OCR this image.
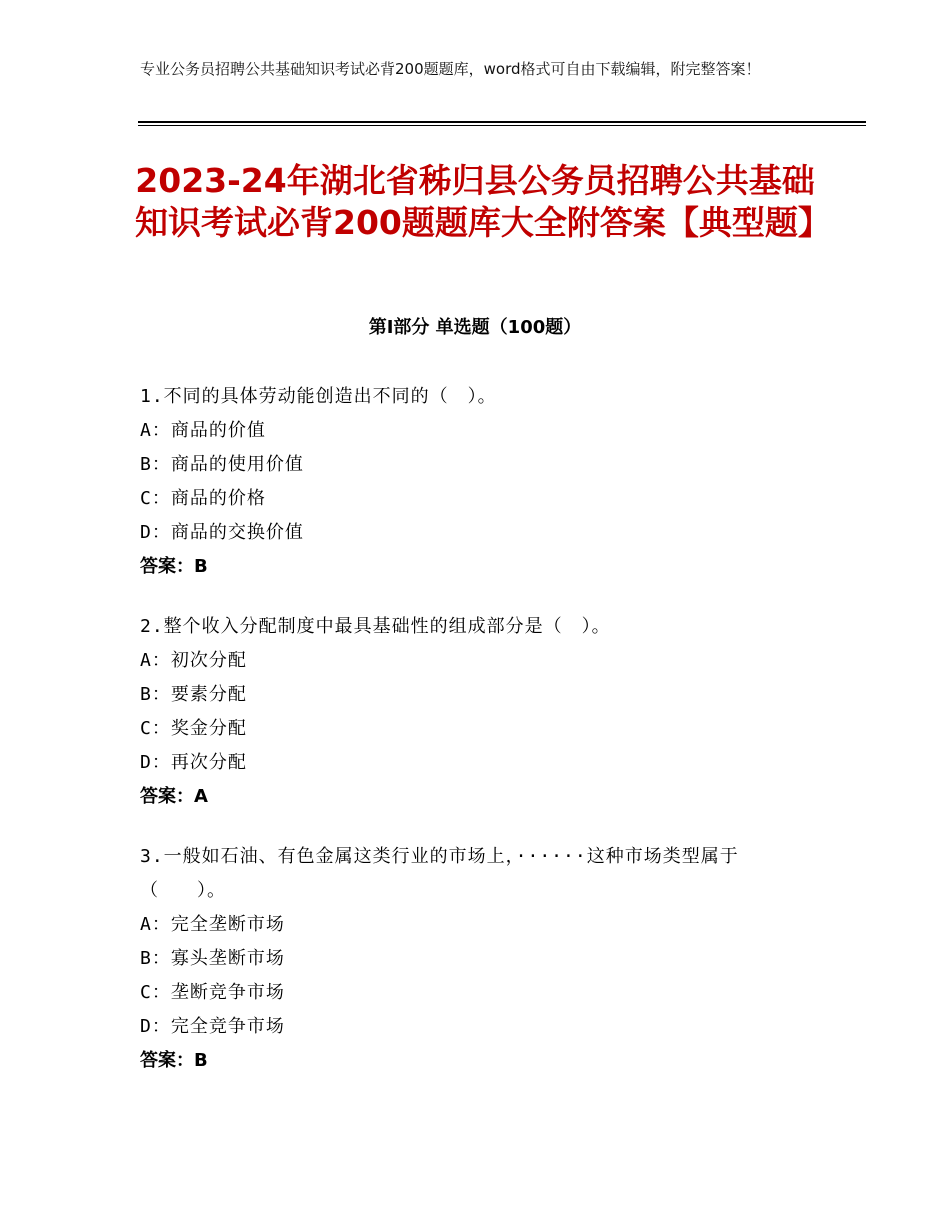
专业公务员招聘公共基础知识考试必背200题题库，word格式可自由下载编辑，附完整答案！
2023-24年湖北省秭归县公务员招聘公共基础知识考试必背200题题库大全附答案【典型题】
第Ⅰ部分 单选题（100题）
1.不同的具体劳动能创造出不同的（　）。
A：商品的价值
B：商品的使用价值
C：商品的价格
D：商品的交换价值
答案：B
2.整个收入分配制度中最具基础性的组成部分是（　）。
A：初次分配
B：要素分配
C：奖金分配
D：再次分配
答案：A
3.一般如石油、有色金属这类行业的市场上，······这种市场类型属于（　　）。
A：完全垄断市场
B：寡头垄断市场
C：垄断竞争市场
D：完全竞争市场
答案：B
